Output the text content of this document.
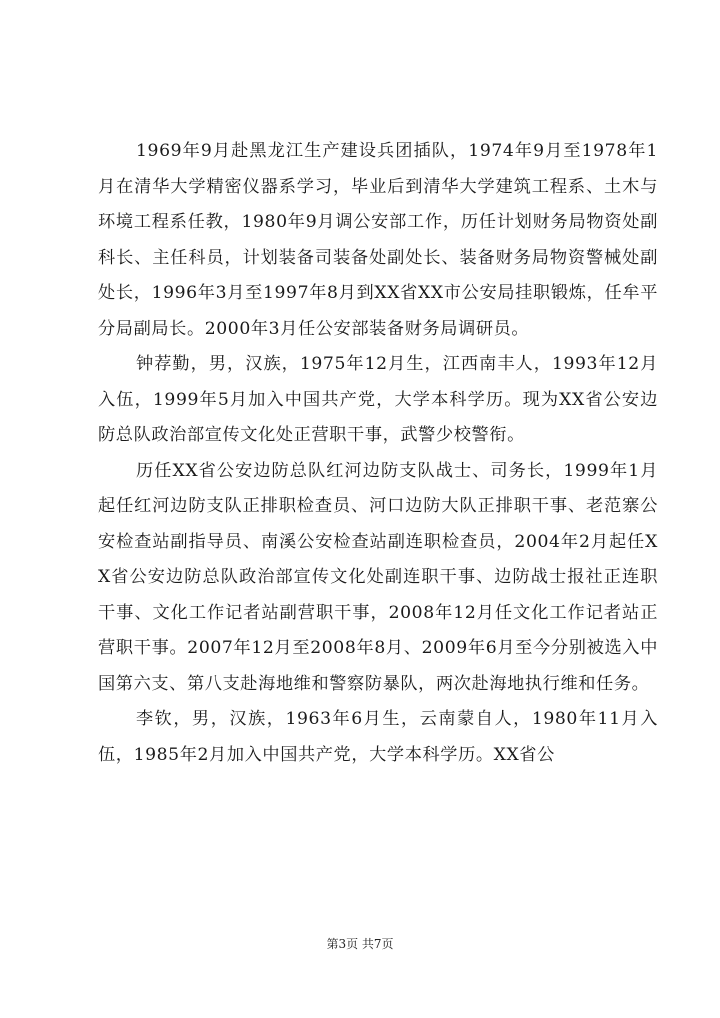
1969年9月赴黑龙江生产建设兵团插队，1974年9月至1978年1月在清华大学精密仪器系学习，毕业后到清华大学建筑工程系、土木与环境工程系任教，1980年9月调公安部工作，历任计划财务局物资处副科长、主任科员，计划装备司装备处副处长、装备财务局物资警械处副处长，1996年3月至1997年8月到XX省XX市公安局挂职锻炼，任牟平分局副局长。2000年3月任公安部装备财务局调研员。

钟荐勤，男，汉族，1975年12月生，江西南丰人，1993年12月入伍，1999年5月加入中国共产党，大学本科学历。现为XX省公安边防总队政治部宣传文化处正营职干事，武警少校警衔。

历任XX省公安边防总队红河边防支队战士、司务长，1999年1月起任红河边防支队正排职检查员、河口边防大队正排职干事、老范寨公安检查站副指导员、南溪公安检查站副连职检查员，2004年2月起任XX省公安边防总队政治部宣传文化处副连职干事、边防战士报社正连职干事、文化工作记者站副营职干事，2008年12月任文化工作记者站正营职干事。2007年12月至2008年8月、2009年6月至今分别被选入中国第六支、第八支赴海地维和警察防暴队，两次赴海地执行维和任务。

李钦，男，汉族，1963年6月生，云南蒙自人，1980年11月入伍，1985年2月加入中国共产党，大学本科学历。XX省公

第3页 共7页
